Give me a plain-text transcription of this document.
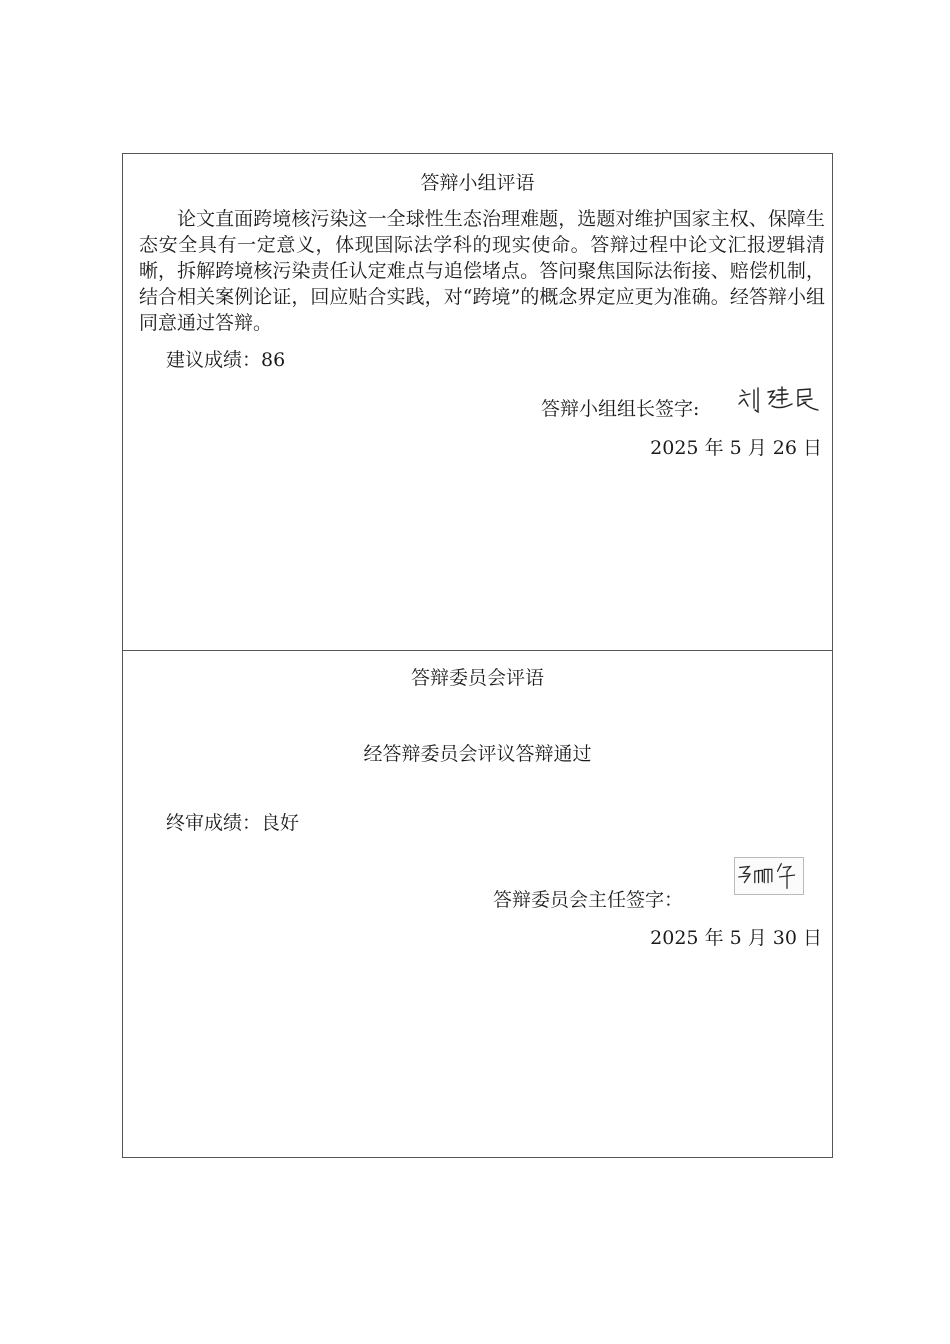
答辩小组评语

论文直面跨境核污染这一全球性生态治理难题，选题对维护国家主权、保障生态安全具有一定意义，体现国际法学科的现实使命。答辩过程中论文汇报逻辑清晰，拆解跨境核污染责任认定难点与追偿堵点。答问聚焦国际法衔接、赔偿机制，结合相关案例论证，回应贴合实践，对“跨境”的概念界定应更为准确。经答辩小组同意通过答辩。

建议成绩：86
答辩小组组长签字:
2025 年 5 月 26 日
答辩委员会评语
经答辩委员会评议答辩通过
终审成绩：良好
答辩委员会主任签字：
2025 年 5 月 30 日
